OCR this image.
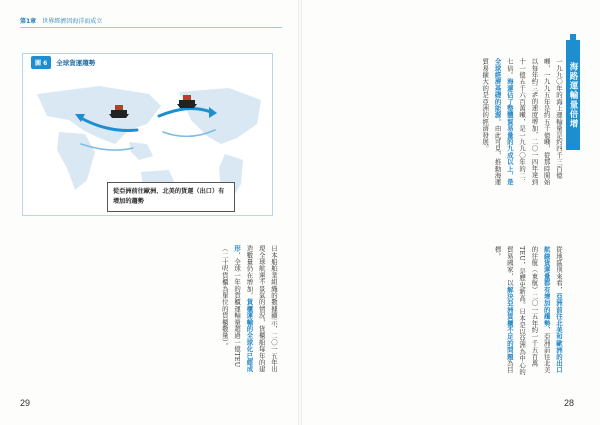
第1章 世界經濟因海洋而成立
圖 6	全球貨運趨勢
從亞洲前往歐洲、北美的貨運（出口）有增加的趨勢
日本船舶業組織的數據顯示，二〇一五年出現全球航運不景氣的情況，貨櫃船每年的建造數量仍在增加，貨櫃運輸的全球化已經成形，全球一年的貨櫃運輸量超過一億TEU（二十呎貨櫃為單位的貨櫃數量）。
海路運輸量倍增
一九九〇年的海上運輸量是約四千三百億噸，一九九五年是約五千億噸，從那時開始以每年約三%的速度增加，二〇一四年達到十一億五千六百萬噸，是一九九〇年的二．七倍。海運佔了整體貿易量的九成以上，是全球經濟基礎的能源。由此可見，推動海運貿易擴大的是亞洲的經濟發展。
從地區別來看，亞洲前往北美和歐洲的出口航線貨運量都有增加的趨勢，亞洲前往北美的往航（東航）二〇一五年約一千五百萬TEU，是歷史新高。日本是以亞洲為中心的貿易國家，以解決亞洲貨櫃不足的問題為目標。
29	28
